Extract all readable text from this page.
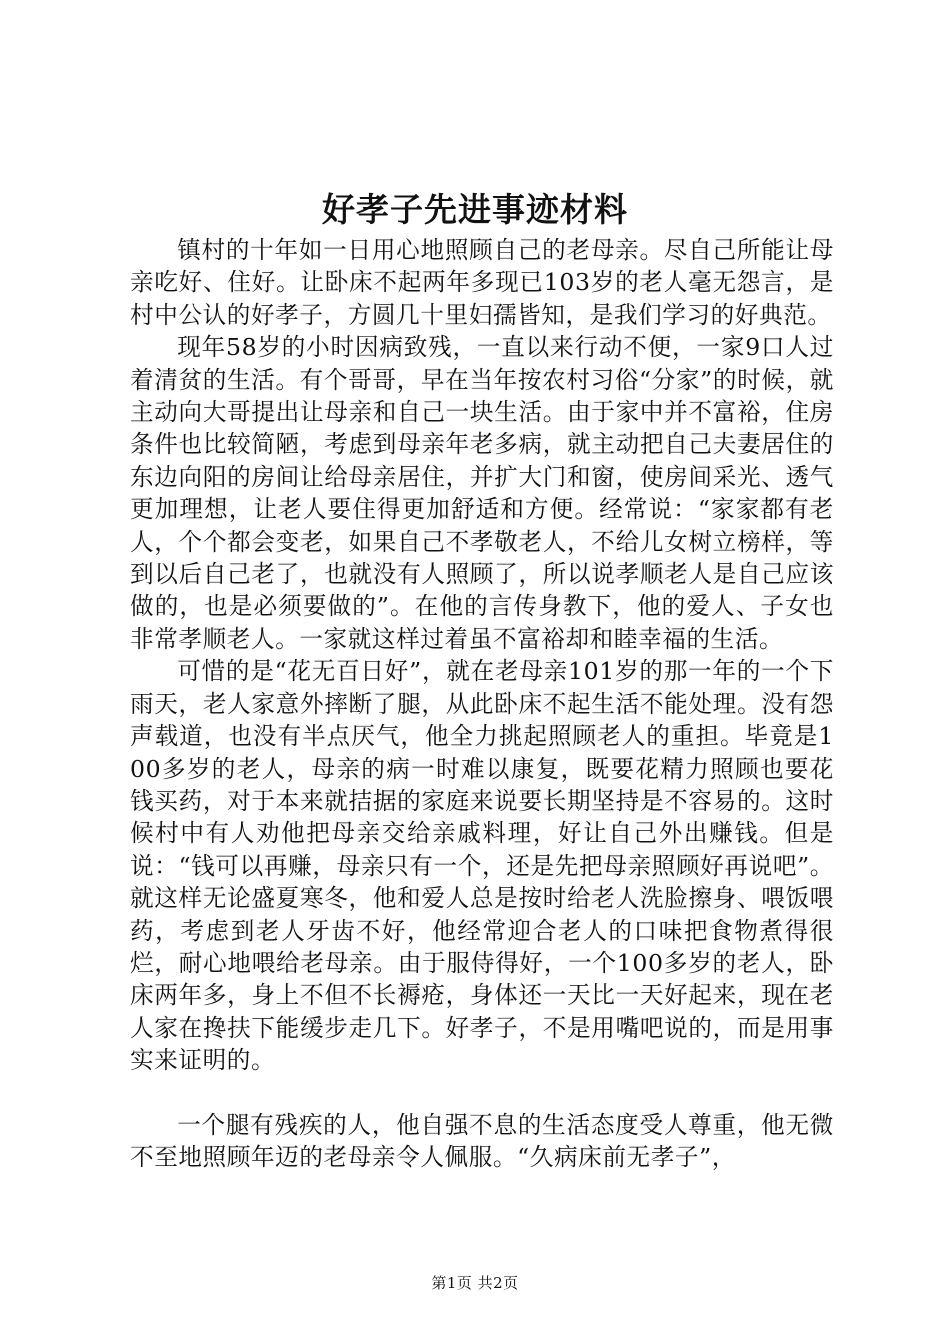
好孝子先进事迹材料

镇村的十年如一日用心地照顾自己的老母亲。尽自己所能让母亲吃好、住好。让卧床不起两年多现已103岁的老人毫无怨言，是村中公认的好孝子，方圆几十里妇孺皆知，是我们学习的好典范。

现年58岁的小时因病致残，一直以来行动不便，一家9口人过着清贫的生活。有个哥哥，早在当年按农村习俗“分家”的时候，就主动向大哥提出让母亲和自己一块生活。由于家中并不富裕，住房条件也比较简陋，考虑到母亲年老多病，就主动把自己夫妻居住的东边向阳的房间让给母亲居住，并扩大门和窗，使房间采光、透气更加理想，让老人要住得更加舒适和方便。经常说：“家家都有老人，个个都会变老，如果自己不孝敬老人，不给儿女树立榜样，等到以后自己老了，也就没有人照顾了，所以说孝顺老人是自己应该做的，也是必须要做的”。在他的言传身教下，他的爱人、子女也非常孝顺老人。一家就这样过着虽不富裕却和睦幸福的生活。

可惜的是“花无百日好”，就在老母亲101岁的那一年的一个下雨天，老人家意外摔断了腿，从此卧床不起生活不能处理。没有怨声载道，也没有半点厌气，他全力挑起照顾老人的重担。毕竟是100多岁的老人，母亲的病一时难以康复，既要花精力照顾也要花钱买药，对于本来就拮据的家庭来说要长期坚持是不容易的。这时候村中有人劝他把母亲交给亲戚料理，好让自己外出赚钱。但是说：“钱可以再赚，母亲只有一个，还是先把母亲照顾好再说吧”。就这样无论盛夏寒冬，他和爱人总是按时给老人洗脸擦身、喂饭喂药，考虑到老人牙齿不好，他经常迎合老人的口味把食物煮得很烂，耐心地喂给老母亲。由于服侍得好，一个100多岁的老人，卧床两年多，身上不但不长褥疮，身体还一天比一天好起来，现在老人家在搀扶下能缓步走几下。好孝子，不是用嘴吧说的，而是用事实来证明的。

一个腿有残疾的人，他自强不息的生活态度受人尊重，他无微不至地照顾年迈的老母亲令人佩服。“久病床前无孝子”，

第1页 共2页
